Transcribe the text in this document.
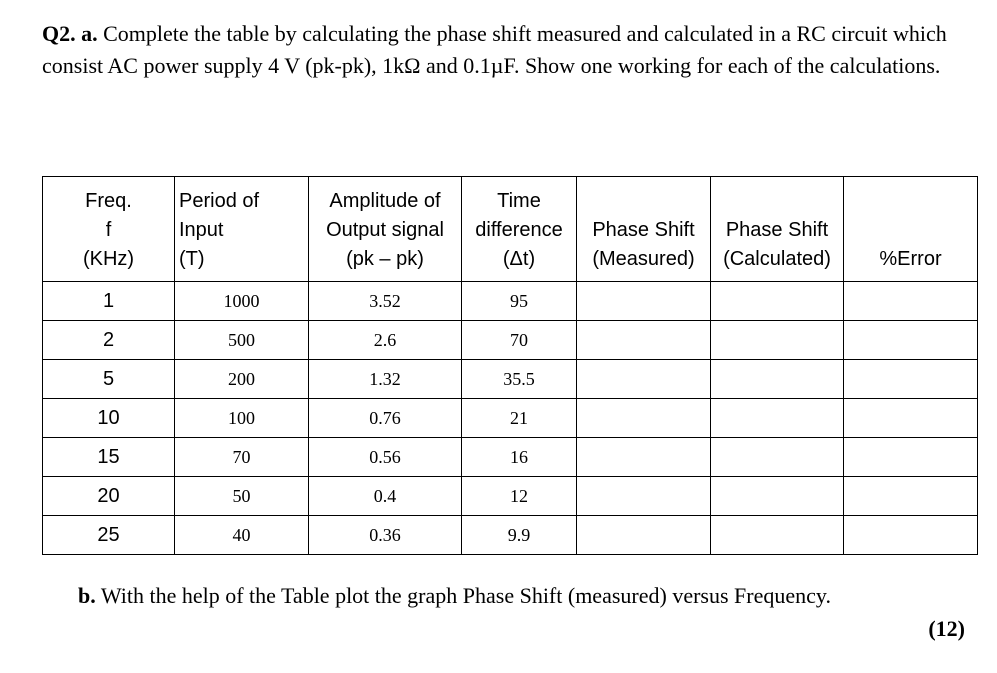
Q2. a. Complete the table by calculating the phase shift measured and calculated in a RC circuit which consist AC power supply 4 V (pk-pk), 1kΩ and 0.1µF. Show one working for each of the calculations.
Freq.
f
(KHz)	Period of
Input
(T)	Amplitude of
Output signal
(pk – pk)	Time
difference
(Δt)	Phase Shift
(Measured)	Phase Shift
(Calculated)	%Error

1	1000	3.52	95			
2	500	2.6	70			
5	200	1.32	35.5			
10	100	0.76	21			
15	70	0.56	16			
20	50	0.4	12			
25	40	0.36	9.9			
b. With the help of the Table plot the graph Phase Shift (measured) versus Frequency.
(12)
